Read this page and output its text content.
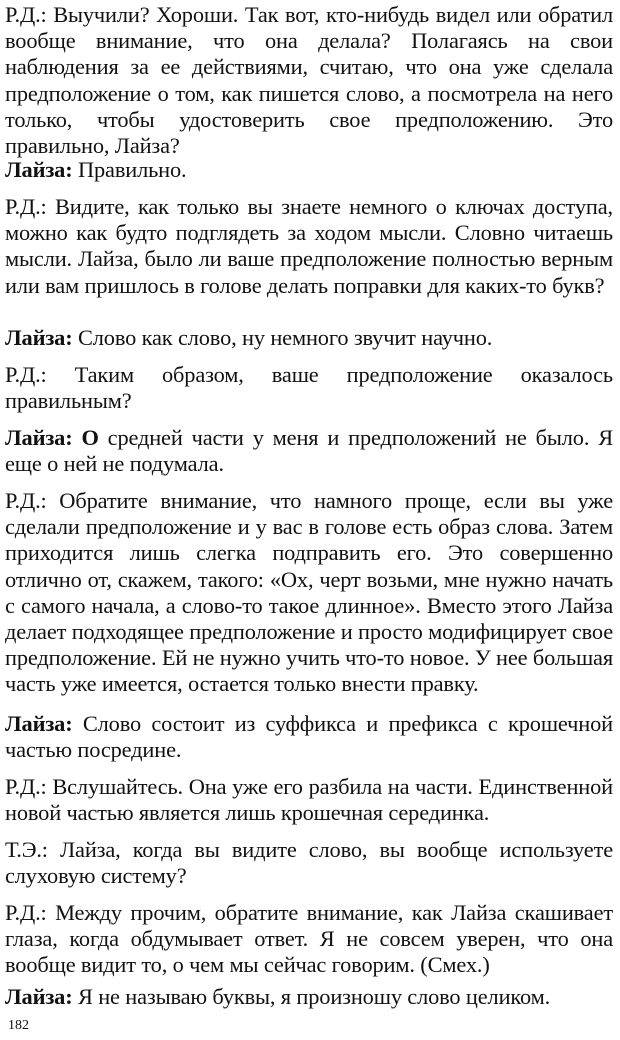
Р.Д.: Выучили? Хороши. Так вот, кто-нибудь видел или обратил вообще внимание, что она делала? Полагаясь на свои наблюдения за ее действиями, считаю, что она уже сделала предположение о том, как пишется слово, а посмотрела на него только, чтобы удостоверить свое предположению. Это правильно, Лайза?

Лайза: Правильно.

Р.Д.: Видите, как только вы знаете немного о ключах доступа, можно как будто подглядеть за ходом мысли. Словно читаешь мысли. Лайза, было ли ваше предположение полностью верным или вам пришлось в голове делать поправки для каких-то букв?

Лайза: Слово как слово, ну немного звучит научно.

Р.Д.: Таким образом, ваше предположение оказалось правильным?

Лайза: О средней части у меня и предположений не было. Я еще о ней не подумала.

Р.Д.: Обратите внимание, что намного проще, если вы уже сделали предположение и у вас в голове есть образ слова. Затем приходится лишь слегка подправить его. Это совершенно отлично от, скажем, такого: «Ох, черт возьми, мне нужно начать с самого начала, а слово-то такое длинное». Вместо этого Лайза делает подходящее предположение и просто модифицирует свое предположение. Ей не нужно учить что-то новое. У нее большая часть уже имеется, остается только внести правку.

Лайза: Слово состоит из суффикса и префикса с крошечной частью посредине.

Р.Д.: Вслушайтесь. Она уже его разбила на части. Единственной новой частью является лишь крошечная серединка.

Т.Э.: Лайза, когда вы видите слово, вы вообще используете слуховую систему?

Р.Д.: Между прочим, обратите внимание, как Лайза скашивает глаза, когда обдумывает ответ. Я не совсем уверен, что она вообще видит то, о чем мы сейчас говорим. (Смех.)

Лайза: Я не называю буквы, я произношу слово целиком.

182
